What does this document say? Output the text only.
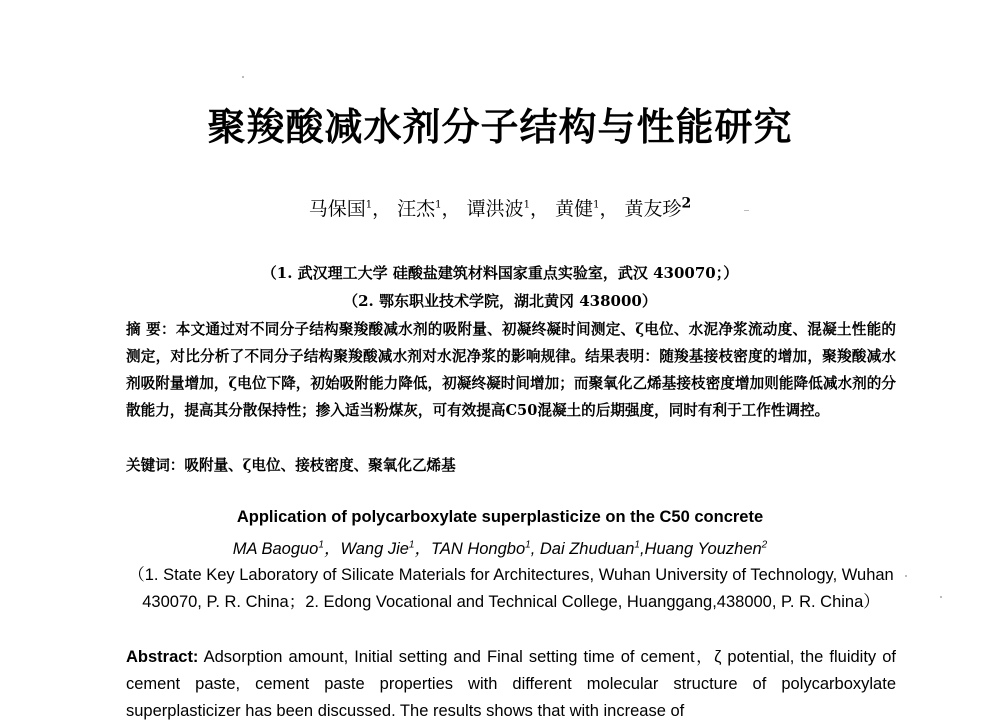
聚羧酸减水剂分子结构与性能研究
马保国$^1$， 汪杰$^1$， 谭洪波$^1$， 黄健$^1$， 黄友珍$^2$
（1. 武汉理工大学 硅酸盐建筑材料国家重点实验室，武汉 430070；）
（2. 鄂东职业技术学院，湖北黄冈 438000）
摘 要：本文通过对不同分子结构聚羧酸减水剂的吸附量、初凝终凝时间测定、ζ电位、水泥净浆流动度、混凝土性能的测定，对比分析了不同分子结构聚羧酸减水剂对水泥净浆的影响规律。结果表明：随羧基接枝密度的增加，聚羧酸减水剂吸附量增加，ζ电位下降，初始吸附能力降低，初凝终凝时间增加；而聚氧化乙烯基接枝密度增加则能降低减水剂的分散能力，提高其分散保持性；掺入适当粉煤灰，可有效提高C50混凝土的后期强度，同时有利于工作性调控。
关键词：吸附量、ζ电位、接枝密度、聚氧化乙烯基
Application of polycarboxylate superplasticize on the C50 concrete
MA Baoguo$^1$，Wang Jie$^1$，TAN Hongbo$^1$, Dai Zhuduan$^1$,Huang Youzhen$^2$
（1. State Key Laboratory of Silicate Materials for Architectures, Wuhan University of Technology, Wuhan 430070, P. R. China；2. Edong Vocational and Technical College, Huanggang,438000, P. R. China）
Abstract: Adsorption amount, Initial setting and Final setting time of cement，ζ potential, the fluidity of cement paste, cement paste properties with different molecular structure of polycarboxylate superplasticizer has been discussed. The results shows that with increase of
